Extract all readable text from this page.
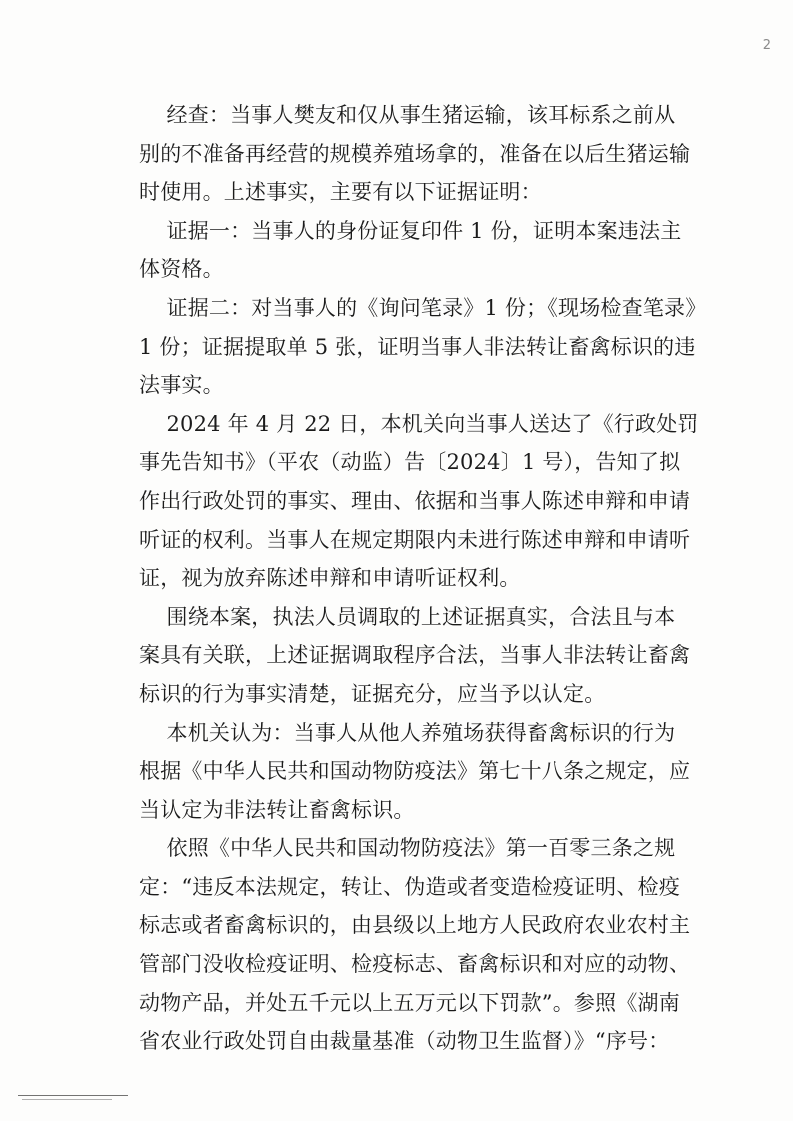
2
经查：当事人樊友和仅从事生猪运输，该耳标系之前从
别的不准备再经营的规模养殖场拿的，准备在以后生猪运输
时使用。上述事实，主要有以下证据证明：
证据一：当事人的身份证复印件 1 份，证明本案违法主
体资格。
证据二：对当事人的《询问笔录》1 份；《现场检查笔录》
1 份；证据提取单 5 张，证明当事人非法转让畜禽标识的违
法事实。
2024 年 4 月 22 日，本机关向当事人送达了《行政处罚
事先告知书》（平农（动监）告〔2024〕1 号），告知了拟
作出行政处罚的事实、理由、依据和当事人陈述申辩和申请
听证的权利。当事人在规定期限内未进行陈述申辩和申请听
证，视为放弃陈述申辩和申请听证权利。
围绕本案，执法人员调取的上述证据真实，合法且与本
案具有关联，上述证据调取程序合法，当事人非法转让畜禽
标识的行为事实清楚，证据充分，应当予以认定。
本机关认为：当事人从他人养殖场获得畜禽标识的行为
根据《中华人民共和国动物防疫法》第七十八条之规定，应
当认定为非法转让畜禽标识。
依照《中华人民共和国动物防疫法》第一百零三条之规
定：“违反本法规定，转让、伪造或者变造检疫证明、检疫
标志或者畜禽标识的，由县级以上地方人民政府农业农村主
管部门没收检疫证明、检疫标志、畜禽标识和对应的动物、
动物产品，并处五千元以上五万元以下罚款”。参照《湖南
省农业行政处罚自由裁量基准（动物卫生监督）》“序号：
